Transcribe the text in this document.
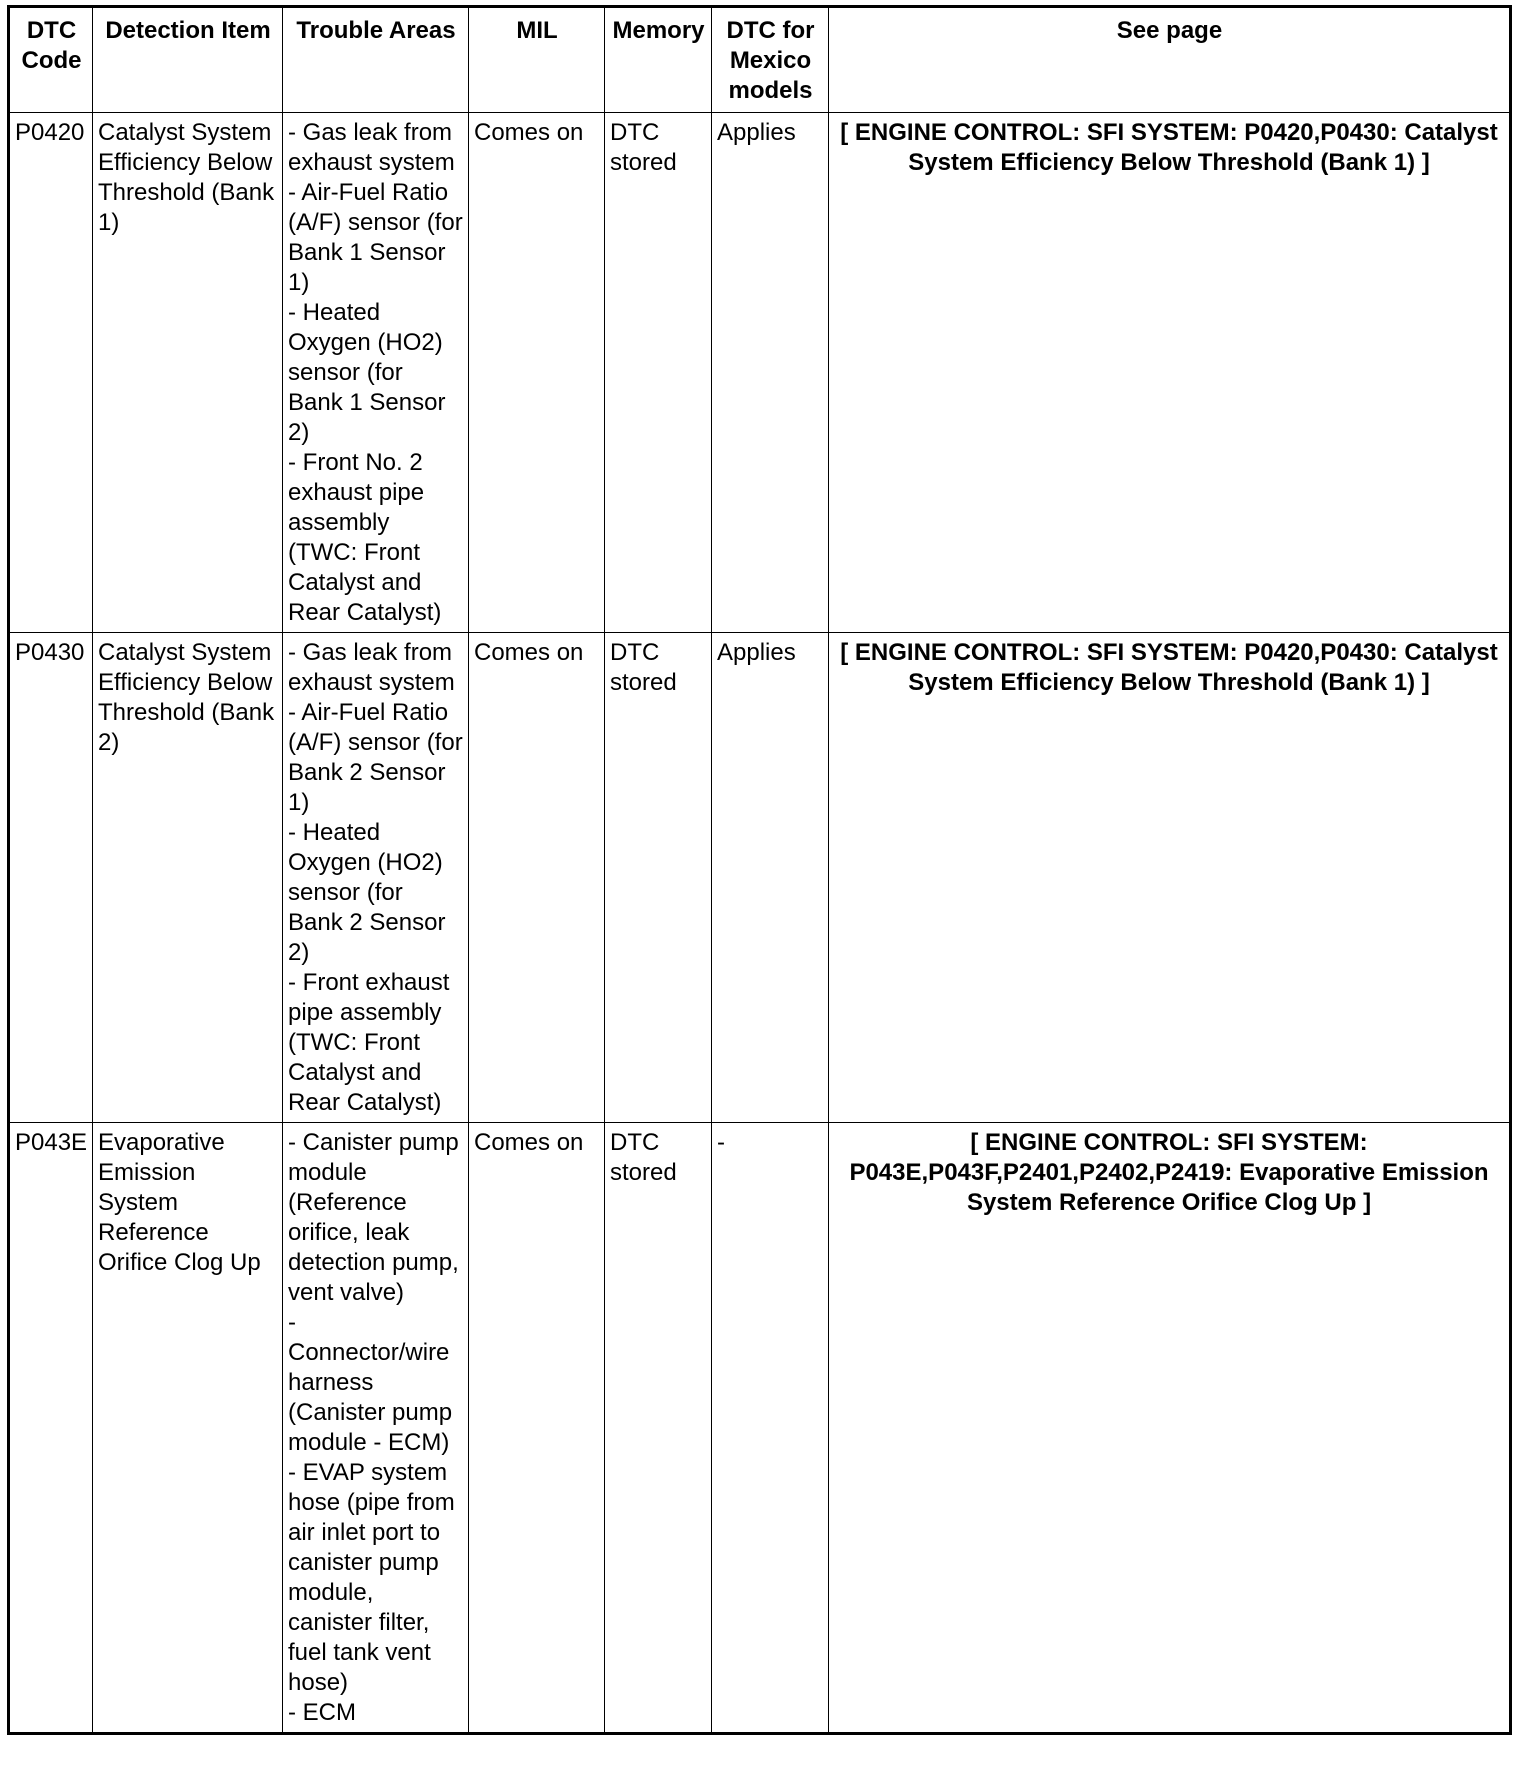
DTC Code	Detection Item	Trouble Areas	MIL	Memory	DTC for Mexico models	See page
P0420	Catalyst System Efficiency Below Threshold (Bank 1)	- Gas leak from exhaust system
- Air-Fuel Ratio (A/F) sensor (for Bank 1 Sensor 1)
- Heated Oxygen (HO2) sensor (for Bank 1 Sensor 2)
- Front No. 2 exhaust pipe assembly (TWC: Front Catalyst and Rear Catalyst)	Comes on	DTC stored	Applies	[ ENGINE CONTROL: SFI SYSTEM: P0420,P0430: Catalyst System Efficiency Below Threshold (Bank 1) ]
P0430	Catalyst System Efficiency Below Threshold (Bank 2)	- Gas leak from exhaust system
- Air-Fuel Ratio (A/F) sensor (for Bank 2 Sensor 1)
- Heated Oxygen (HO2) sensor (for Bank 2 Sensor 2)
- Front exhaust pipe assembly (TWC: Front Catalyst and Rear Catalyst)	Comes on	DTC stored	Applies	[ ENGINE CONTROL: SFI SYSTEM: P0420,P0430: Catalyst System Efficiency Below Threshold (Bank 1) ]
P043E	Evaporative Emission System Reference Orifice Clog Up	- Canister pump module (Reference orifice, leak detection pump, vent valve)
- Connector/wire harness (Canister pump module - ECM)
- EVAP system hose (pipe from air inlet port to canister pump module, canister filter, fuel tank vent hose)
- ECM	Comes on	DTC stored	-	[ ENGINE CONTROL: SFI SYSTEM: P043E,P043F,P2401,P2402,P2419: Evaporative Emission System Reference Orifice Clog Up ]
